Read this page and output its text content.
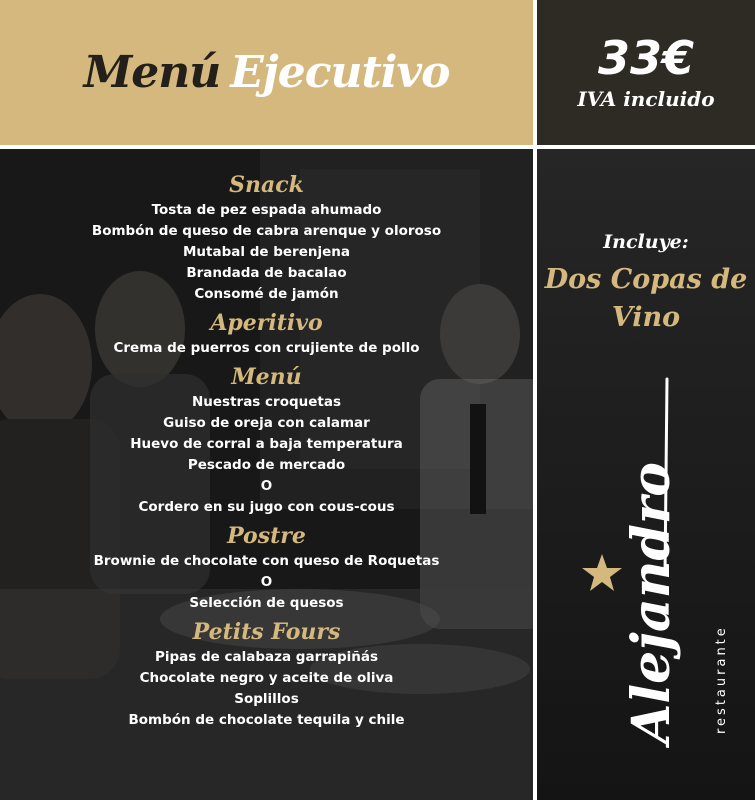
Menú Ejecutivo	33€
IVA incluido
Snack
Tosta de pez espada ahumado
Bombón de queso de cabra arenque y oloroso
Mutabal de berenjena
Brandada de bacalao
Consomé de jamón
Aperitivo
Crema de puerros con crujiente de pollo
Menú
Nuestras croquetas
Guiso de oreja con calamar
Huevo de corral a baja temperatura
Pescado de mercado
O
Cordero en su jugo con cous-cous
Postre
Brownie de chocolate con queso de Roquetas
O
Selección de quesos
Petits Fours
Pipas de calabaza garrapiñás
Chocolate negro y aceite de oliva
Soplillos
Bombón de chocolate tequila y chile
Incluye:
Dos Copas de Vino
Alejandro restaurante
